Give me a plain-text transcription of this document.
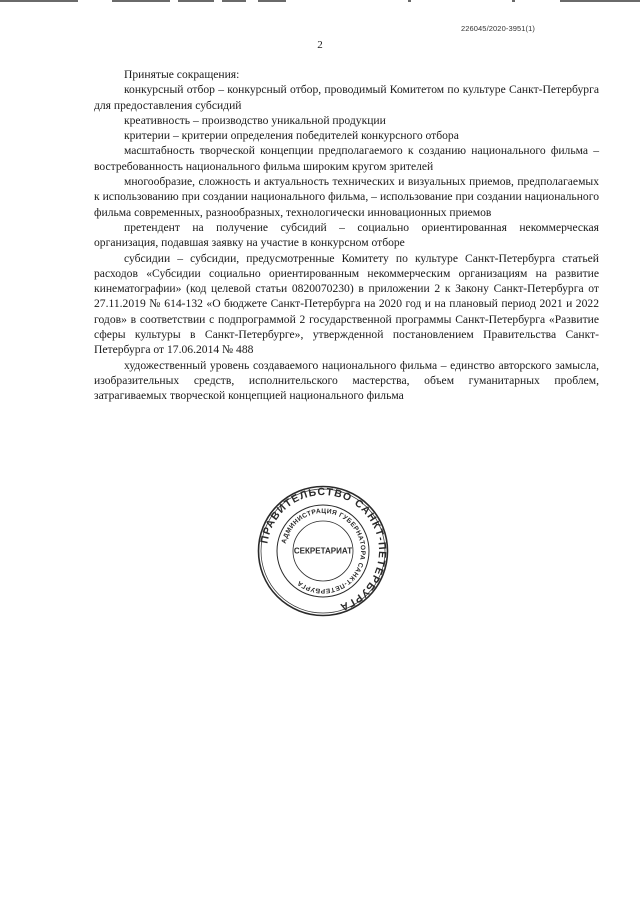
226045/2020-3951(1)
2

Принятые сокращения:

конкурсный отбор – конкурсный отбор, проводимый Комитетом по культуре Санкт-Петербурга для предоставления субсидий

креативность – производство уникальной продукции

критерии – критерии определения победителей конкурсного отбора

масштабность творческой концепции предполагаемого к созданию национального фильма – востребованность национального фильма широким кругом зрителей

многообразие, сложность и актуальность технических и визуальных приемов, предполагаемых к использованию при создании национального фильма, – использование при создании национального фильма современных, разнообразных, технологически инновационных приемов

претендент на получение субсидий – социально ориентированная некоммерческая организация, подавшая заявку на участие в конкурсном отборе

субсидии – субсидии, предусмотренные Комитету по культуре Санкт-Петербурга статьей расходов «Субсидии социально ориентированным некоммерческим организациям на развитие кинематографии» (код целевой статьи 0820070230) в приложении 2 к Закону Санкт-Петербурга от 27.11.2019 № 614-132 «О бюджете Санкт-Петербурга на 2020 год и на плановый период 2021 и 2022 годов» в соответствии с подпрограммой 2 государственной программы Санкт-Петербурга «Развитие сферы культуры в Санкт-Петербурге», утвержденной постановлением Правительства Санкт-Петербурга от 17.06.2014 № 488

художественный уровень создаваемого национального фильма – единство авторского замысла, изобразительных средств, исполнительского мастерства, объем гуманитарных проблем, затрагиваемых творческой концепцией национального фильма

ПРАВИТЕЛЬСТВО САНКТ-ПЕТЕРБУРГА
АДМИНИСТРАЦИЯ ГУБЕРНАТОРА САНКТ-ПЕТЕРБУРГА
СЕКРЕТАРИАТ
